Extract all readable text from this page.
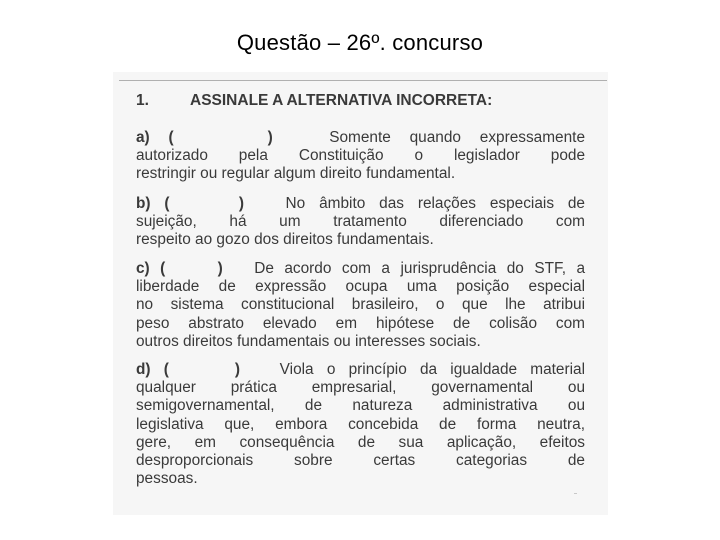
Questão – 26º. concurso
1.	ASSINALE A ALTERNATIVA INCORRETA:
a) (     )	Somente quando expressamente
autorizado pela Constituição o legislador pode
restringir ou regular algum direito fundamental.
b) (     )	No âmbito das relações especiais de
sujeição, há um tratamento diferenciado com
respeito ao gozo dos direitos fundamentais.
c) (     ) De acordo com a jurisprudência do STF, a
liberdade de expressão ocupa uma posição especial
no sistema constitucional brasileiro, o que lhe atribui
peso abstrato elevado em hipótese de colisão com
outros direitos fundamentais ou interesses sociais.
d) (     )	Viola o princípio da igualdade material
qualquer prática empresarial, governamental ou
semigovernamental, de natureza administrativa ou
legislativa que, embora concebida de forma neutra,
gere, em consequência de sua aplicação, efeitos
desproporcionais sobre certas categorias de
pessoas.
